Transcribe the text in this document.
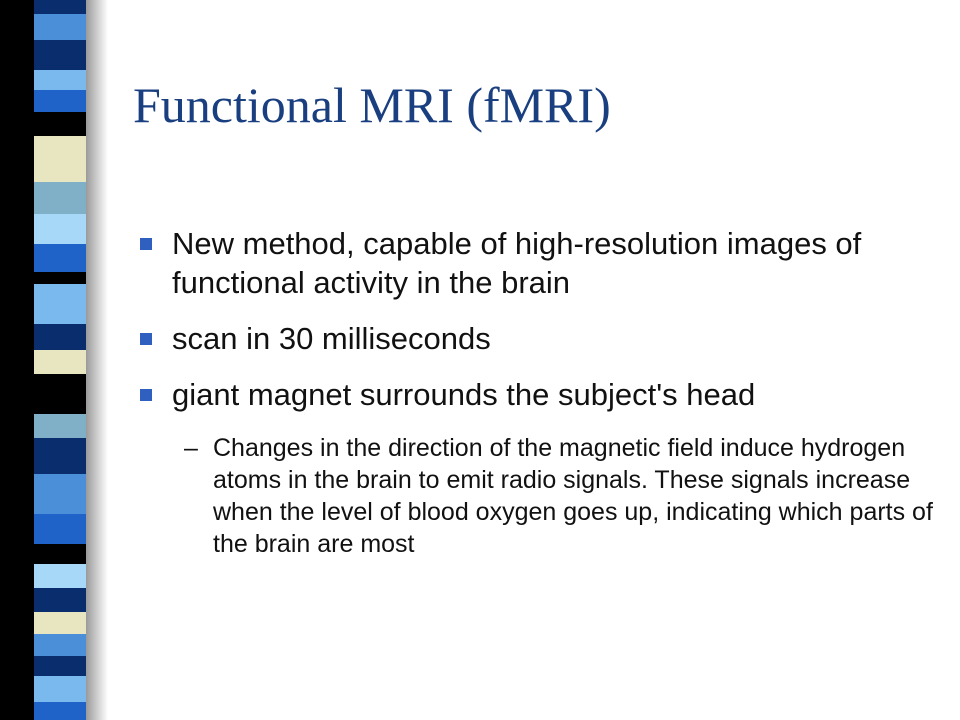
Functional MRI (fMRI)
New method, capable of high-resolution images of functional activity in the brain
scan in 30 milliseconds
giant magnet surrounds the subject's head
– Changes in the direction of the magnetic field induce hydrogen atoms in the brain to emit radio signals. These signals increase when the level of blood oxygen goes up, indicating which parts of the brain are most
